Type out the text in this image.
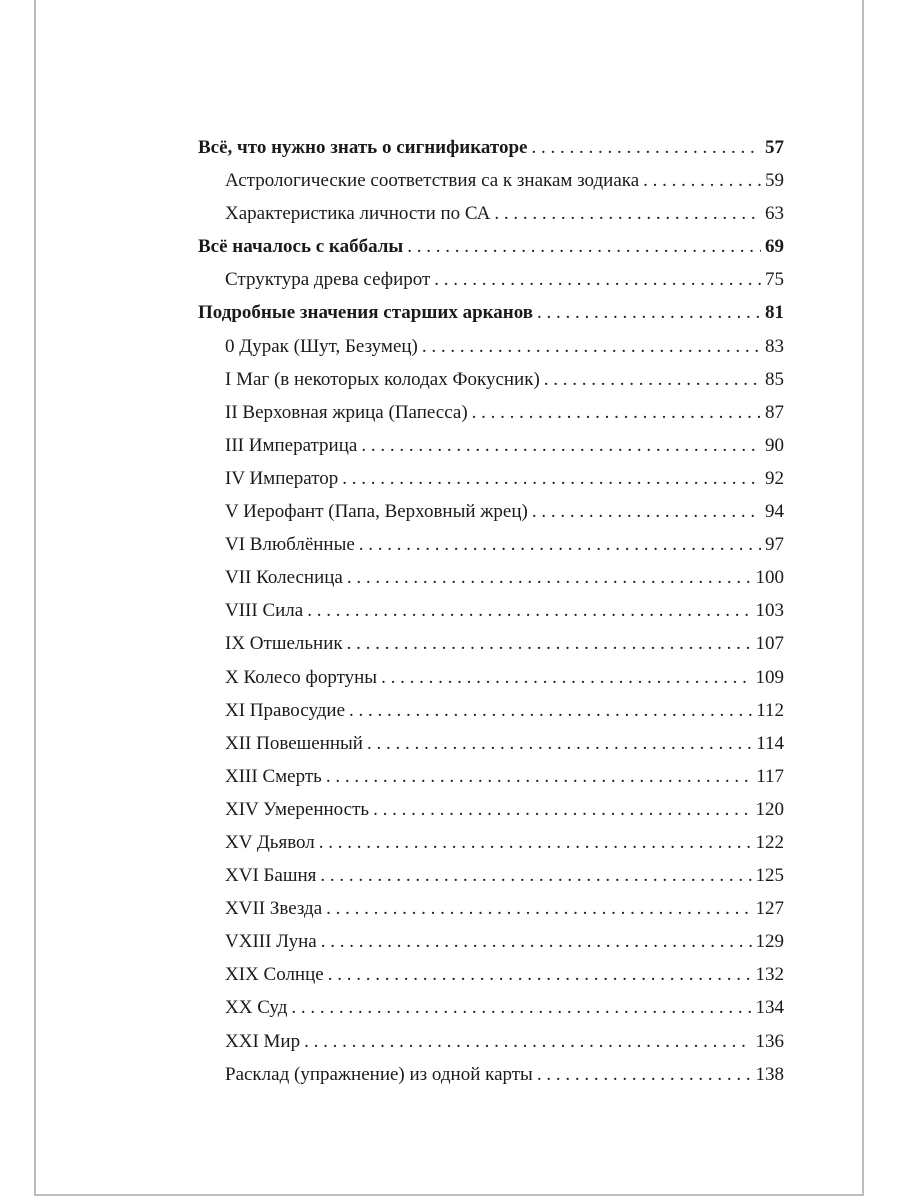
Всё, что нужно знать о сигнификаторе . . .	57
Астрологические соответствия са к знакам зодиака . . .	59
Характеристика личности по СА . . .	63
Всё началось с каббалы . . .	69
Структура древа сефирот . . .	75
Подробные значения старших арканов . . .	81
0 Дурак (Шут, Безумец) . . .	83
I Маг (в некоторых колодах Фокусник) . . .	85
II Верховная жрица (Папесса) . . .	87
III Императрица . . .	90
IV Император . . .	92
V Иерофант (Папа, Верховный жрец) . . .	94
VI Влюблённые . . .	97
VII Колесница . . .	100
VIII Сила . . .	103
IX Отшельник . . .	107
X Колесо фортуны . . .	109
XI Правосудие . . .	112
XII Повешенный . . .	114
XIII Смерть . . .	117
XIV Умеренность . . .	120
XV Дьявол . . .	122
XVI Башня . . .	125
XVII Звезда . . .	127
VXIII Луна . . .	129
XIX Солнце . . .	132
XX Суд . . .	134
XXI Мир . . .	136
Расклад (упражнение) из одной карты . . .	138
